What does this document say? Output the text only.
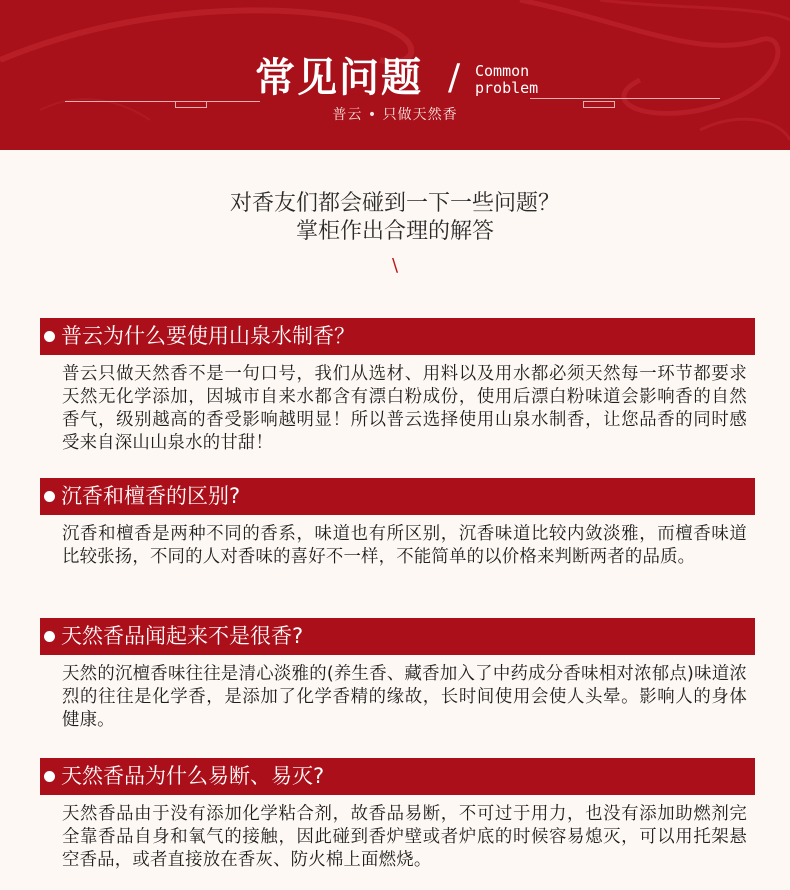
常见问题 / Common
problem
普云 • 只做天然香
对香友们都会碰到一下一些问题？
掌柜作出合理的解答
\
普云为什么要使用山泉水制香？
普云只做天然香不是一句口号，我们从选材、用料以及用水都必须天然每一环节都要求天然无化学添加，因城市自来水都含有漂白粉成份，使用后漂白粉味道会影响香的自然香气，级别越高的香受影响越明显！所以普云选择使用山泉水制香，让您品香的同时感受来自深山山泉水的甘甜！
沉香和檀香的区别?
沉香和檀香是两种不同的香系，味道也有所区别，沉香味道比较内敛淡雅，而檀香味道比较张扬，不同的人对香味的喜好不一样，不能简单的以价格来判断两者的品质。
天然香品闻起来不是很香?
天然的沉檀香味往往是清心淡雅的(养生香、藏香加入了中药成分香味相对浓郁点)味道浓烈的往往是化学香，是添加了化学香精的缘故，长时间使用会使人头晕。影响人的身体健康。
天然香品为什么易断、易灭?
天然香品由于没有添加化学粘合剂，故香品易断，不可过于用力，也没有添加助燃剂完全靠香品自身和氧气的接触，因此碰到香炉壁或者炉底的时候容易熄灭，可以用托架悬空香品，或者直接放在香灰、防火棉上面燃烧。
